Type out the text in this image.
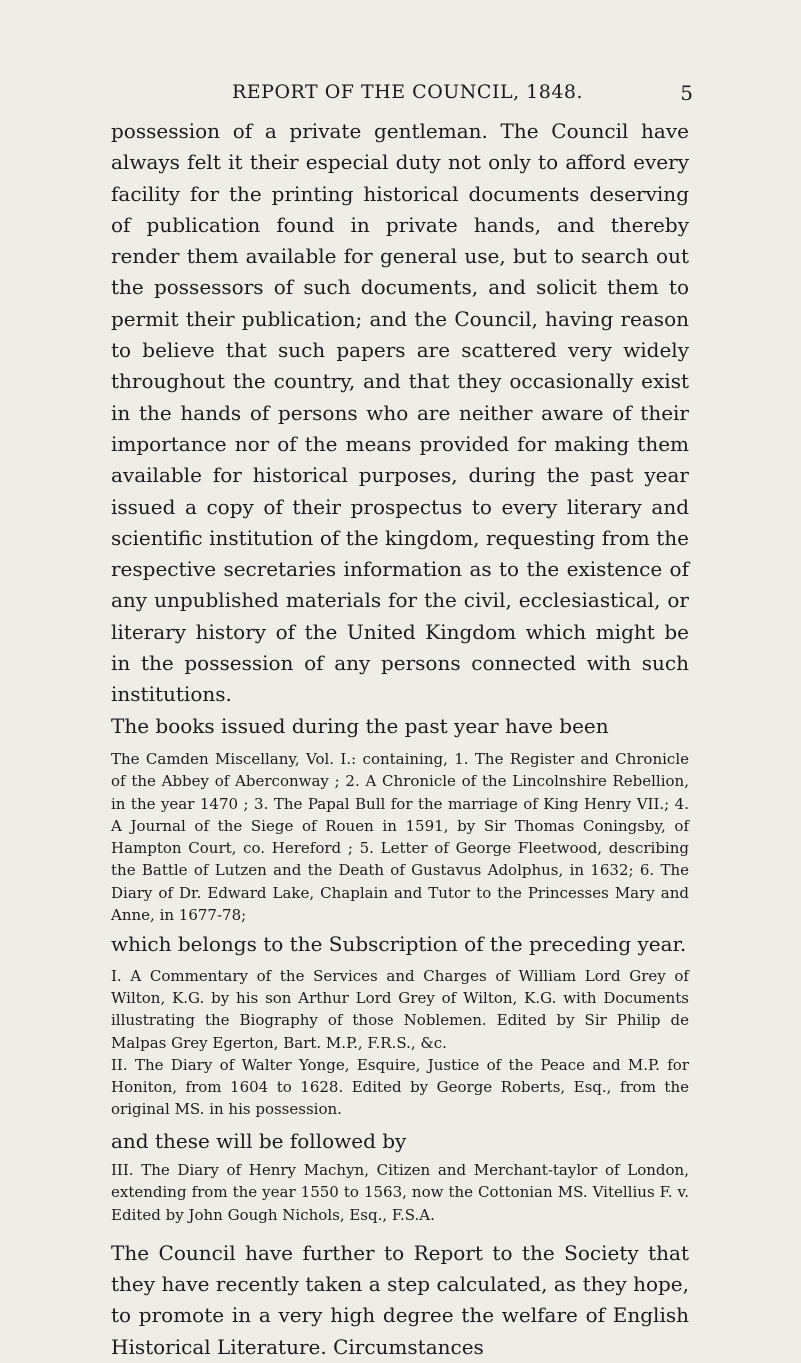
REPORT OF THE COUNCIL, 1848.	5

possession of a private gentleman. The Council have always felt it their especial duty not only to afford every facility for the printing historical documents deserving of publication found in private hands, and thereby render them available for general use, but to search out the possessors of such documents, and solicit them to permit their publication; and the Council, having reason to believe that such papers are scattered very widely throughout the country, and that they occasionally exist in the hands of persons who are neither aware of their importance nor of the means provided for making them available for historical purposes, during the past year issued a copy of their prospectus to every literary and scientific institution of the kingdom, requesting from the respective secretaries information as to the existence of any unpublished materials for the civil, ecclesiastical, or literary history of the United Kingdom which might be in the possession of any persons connected with such institutions.

The books issued during the past year have been

The Camden Miscellany, Vol. I.: containing, 1. The Register and Chronicle of the Abbey of Aberconway ; 2. A Chronicle of the Lincolnshire Rebellion, in the year 1470 ; 3. The Papal Bull for the marriage of King Henry VII.; 4. A Journal of the Siege of Rouen in 1591, by Sir Thomas Coningsby, of Hampton Court, co. Hereford ; 5. Letter of George Fleetwood, describing the Battle of Lutzen and the Death of Gustavus Adolphus, in 1632; 6. The Diary of Dr. Edward Lake, Chaplain and Tutor to the Princesses Mary and Anne, in 1677-78;

which belongs to the Subscription of the preceding year.

I. A Commentary of the Services and Charges of William Lord Grey of Wilton, K.G. by his son Arthur Lord Grey of Wilton, K.G. with Documents illustrating the Biography of those Noblemen. Edited by Sir Philip de Malpas Grey Egerton, Bart. M.P., F.R.S., &c.

II. The Diary of Walter Yonge, Esquire, Justice of the Peace and M.P. for Honiton, from 1604 to 1628. Edited by George Roberts, Esq., from the original MS. in his possession.

and these will be followed by

III. The Diary of Henry Machyn, Citizen and Merchant-taylor of London, extending from the year 1550 to 1563, now the Cottonian MS. Vitellius F. v. Edited by John Gough Nichols, Esq., F.S.A.

The Council have further to Report to the Society that they have recently taken a step calculated, as they hope, to promote in a very high degree the welfare of English Historical Literature. Circumstances
